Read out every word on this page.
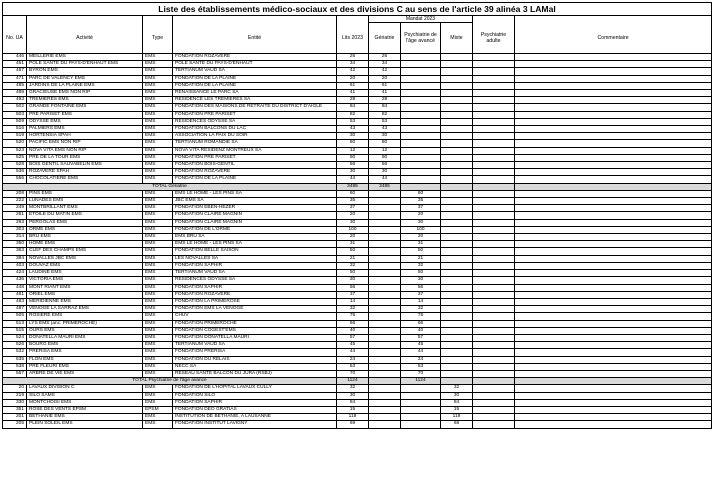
Liste des établissements médico-sociaux et des divisions C au sens de l'article 39 alinéa 3 LAMal									
					Mandat 2023				
No. UA	Activité	Type	Entité	Lits 2023	Gériatrie	Psychiatrie de l'âge avancé	Mixte	Psychiatrie adulte	Commentaire
446	MEILLERIE EMS	EMS	FONDATION ROZAVERE	26	26				
451	PÔLE SANTÉ DU PAYS-D'ENHAUT EMS	EMS	PÔLE SANTÉ DU PAYS-D'ENHAUT	34	34				
457	BYRON EMS	EMS	TERTIANUM VAUD SA	42	42				
471	PARC DE VALENCY EMS	EMS	FONDATION DE LA PLAINE	20	20				
485	JARDINS DE LA PLAINE EMS	EMS	FONDATION DE LA PLAINE	61	61				
489	GRACIEUSE EMS NON RIP	EMS	RENAISSANCE LE PARC SA	41	41				
493	TREMIERES EMS	EMS	RESIDENCE LES TREMIERES SA	28	28				
502	GRANDE FONTAINE EMS	EMS	FONDATION DES MAISONS DE RETRAITE DU DISTRICT D'AIGLE	84	84				
503	PRE PARISET EMS	EMS	FONDATION PRE PARISET	82	82				
509	ODYSSE EMS	EMS	RESIDENCES ODYSSE SA	53	53				
516	PALMIERS EMS	EMS	FONDATION BALCONS DU LAC	43	43				
519	HORTENSIA SPAH	EMS	ASSOCIATION LA PAIX DU SOIR	30	30				
520	PACIFIC EMS NON RIP	EMS	TERTIANUM ROMANDIE SA	80	80				
523	NOVA VITA EMS NON RIP	EMS	NOVA VITA RESIDENZ MONTREUX SA	12	12				
525	PRE DE LA TOUR EMS	EMS	FONDATION PRE PARISET	50	50				
528	BOIS GENTIL SAUVABELIN EMS	EMS	FONDATION BOIS-GENTIL	56	56				
536	ROZAVERE SPAH	EMS	FONDATION ROZAVERE	30	30				
556	CHOCOLATIERE EMS	EMS	FONDATION DE LA PLAINE	44	44				
TOTAL Gériatrie				3485	3485				
208	PINS EMS	EMS	EMS LE HOME - LES PINS SA	60		60			
222	LUNADES EMS	EMS	JBC EMS SA	35		35			
249	MONTBRILLANT EMS	EMS	FONDATION EBEN-HEZER	37		37			
261	ETOILE DU MATIN EMS	EMS	FONDATION CLAIRE MAGNIN	20		20			
263	PERGOLAS EMS	EMS	FONDATION CLAIRE MAGNIN	30		30			
303	ORME EMS	EMS	FONDATION DE L'ORME	100		100			
314	BRU EMS	EMS	EMS BRU SA	20		20			
350	HOME EMS	EMS	EMS LE HOME - LES PINS SA	31		31			
363	CLEF DES CHAMPS EMS	EMS	FONDATION BELLE SAISON	50		50			
384	NOVALLES JBC EMS	EMS	LES NOVALLES SA	21		21			
403	DOUVAZ EMS	EMS	FONDATION SAPHIR	32		32			
424	LAUDINE EMS	EMS	TERTIANUM VAUD SA	50		50			
436	VICTORIA EMS	EMS	RESIDENCES ODYSSE SA	30		30			
448	MONT RIANT EMS	EMS	FONDATION SAPHIR	56		56			
481	ORIEL EMS	EMS	FONDATION ROZAVERE	37		37			
483	MERIDIENNE EMS	EMS	FONDATION LA PRIMEROSE	14		14			
487	VENOGE LA SARRAZ EMS	EMS	FONDATION EMS LA VENOGE	32		32			
505	ROSIERE EMS	EMS	CHUV	76		76			
513	LYS EMS (anc. PRIMEROCHE)	EMS	FONDATION PRIMEROCHE	66		66			
515	OURS EMS	EMS	FONDATION COGEST'EMS	40		40			
524	DONATELLA MAURI EMS	EMS	FONDATION DONATELLA MAURI	57		57			
526	BOURG EMS	EMS	TERTIANUM VAUD SA	45		45			
532	PRERISA EMS	EMS	FONDATION PRERISA	44		44			
535	FLON EMS	EMS	FONDATION DU RELAIS	24		24			
538	PRE FLEURI EMS	EMS	NECC SA	53		53			
557	ARBRE DE VIE EMS	EMS	RESEAU SANTE BALCON DU JURA (RSBJ)	70		70			
TOTAL Psychiatrie de l'âge avancé				1124		1124			
20	LAVAUX DIVISION C	EMS	FONDATION DE L'HOPITAL LAVAUX CULLY	32			32		
219	SILO SAMS	EMS	FONDATION SILO	30			30		
330	MONTCHOISI EMS	EMS	FONDATION SAPHIR	84			84		
351	ROSE DES VENTS EPSM	EPSM	FONDATION DEO GRATIAS	15			15		
201	BETHANIE EMS	EMS	INSTITUTION DE BETHANIE, A LAUSANNE	119			119		
205	PLEIN SOLEIL EMS	EMS	FONDATION INSTITUT LAVIGNY	69			68		
